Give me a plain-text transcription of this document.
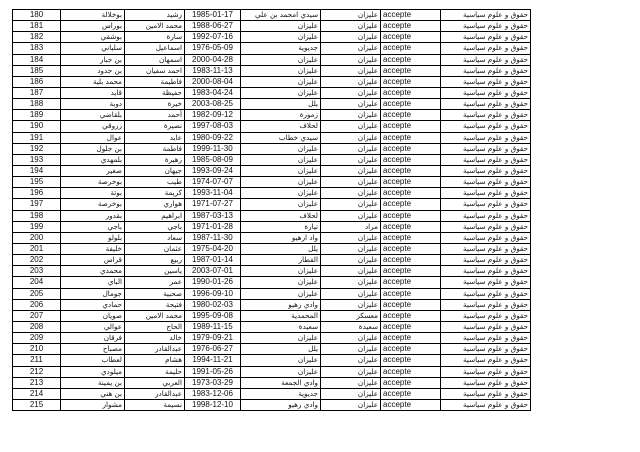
180	بوخلالة	رشيد	1985-01-17	سيدي امحمد بن علي	عليزان	accepte	حقوق و علوم سياسية
181	بوراس	محمد الامين	1988-06-27	عليزان	عليزان	accepte	حقوق و علوم سياسية
182	بوشقي	سارة	1992-07-16	عليزان	عليزان	accepte	حقوق و علوم سياسية
183	سلياني	اسماعيل	1976-05-09	جديوية	عليزان	accepte	حقوق و علوم سياسية
184	بن جبار	اسمهان	2000-04-28	عليزان	عليزان	accepte	حقوق و علوم سياسية
185	بن جدود	احمد سفيان	1983-11-13	عليزان	عليزان	accepte	حقوق و علوم سياسية
186	محمد بلية	فاطيمة	2000-08-04	عليزان	عليزان	accepte	حقوق و علوم سياسية
187	قايد	حفيظة	1983-04-24	عليزان	عليزان	accepte	حقوق و علوم سياسية
188	دوبة	خيرة	2003-08-25	يلل	عليزان	accepte	حقوق و علوم سياسية
189	بلقاضي	أحمد	1982-09-12	زمورة	عليزان	accepte	حقوق و علوم سياسية
190	زروقي	نصيرة	1997-08-03	لحلاف	عليزان	accepte	حقوق و علوم سياسية
191	عوال	عابد	1980-09-22	سيدي خطاب	عليزان	accepte	حقوق و علوم سياسية
192	بن جلول	فاطمة	1999-11-30	عليزان	عليزان	accepte	حقوق و علوم سياسية
193	بلمهدي	زهيرة	1985-08-09	عليزان	عليزان	accepte	حقوق و علوم سياسية
194	صغير	جيهان	1993-09-24	عليزان	عليزان	accepte	حقوق و علوم سياسية
195	بوخرصة	طيب	1974-07-07	عليزان	عليزان	accepte	حقوق و علوم سياسية
196	بوتة	كريمة	1993-11-04	عليزان	عليزان	accepte	حقوق و علوم سياسية
197	بوخرصة	هواري	1971-07-27	عليزان	عليزان	accepte	حقوق و علوم سياسية
198	بقدور	ابراهيم	1987-03-13	لحلاف	عليزان	accepte	حقوق و علوم سياسية
199	باجي	باجي	1971-01-28	تيارة	مراد	accepte	حقوق و علوم سياسية
200	بلولو	سعاد	1987-11-30	واد ارهيو	عليزان	accepte	حقوق و علوم سياسية
201	خليفة	عثمان	1975-04-20	يلل	عليزان	accepte	حقوق و علوم سياسية
202	قراس	ربيع	1987-01-14	القطار	عليزان	accepte	حقوق و علوم سياسية
203	محمدي	ياسين	2003-07-01	عليزان	عليزان	accepte	حقوق و علوم سياسية
204	الباي	عمر	1990-01-26	عليزان	عليزان	accepte	حقوق و علوم سياسية
205	جومال	صحبية	1996-09-10	عليزان	عليزان	accepte	حقوق و علوم سياسية
206	حمادي	فتيحة	1980-02-03	وادي رهيو	عليزان	accepte	حقوق و علوم سياسية
207	صويان	محمد الامين	1995-09-08	المحمدية	معسكر	accepte	حقوق و علوم سياسية
208	عوالي	الحاج	1989-11-15	سعيدة	سعيدة	accepte	حقوق و علوم سياسية
209	فرقان	خالد	1979-09-21	عليزان	عليزان	accepte	حقوق و علوم سياسية
210	مصباح	عبدالقادر	1976-06-27	يلل	عليزان	accepte	حقوق و علوم سياسية
211	لعطاب	هشام	1994-11-21	عليزان	عليزان	accepte	حقوق و علوم سياسية
212	ميلودي	حليمة	1991-05-26	عليزان	عليزان	accepte	حقوق و علوم سياسية
213	بن يمينة	العربي	1973-03-29	وادي الجمعة	عليزان	accepte	حقوق و علوم سياسية
214	بن هني	عبدالقادر	1983-12-06	جديوية	عليزان	accepte	حقوق و علوم سياسية
215	مشوار	نسيمة	1998-12-10	وادي رهيو	عليزان	accepte	حقوق و علوم سياسية
